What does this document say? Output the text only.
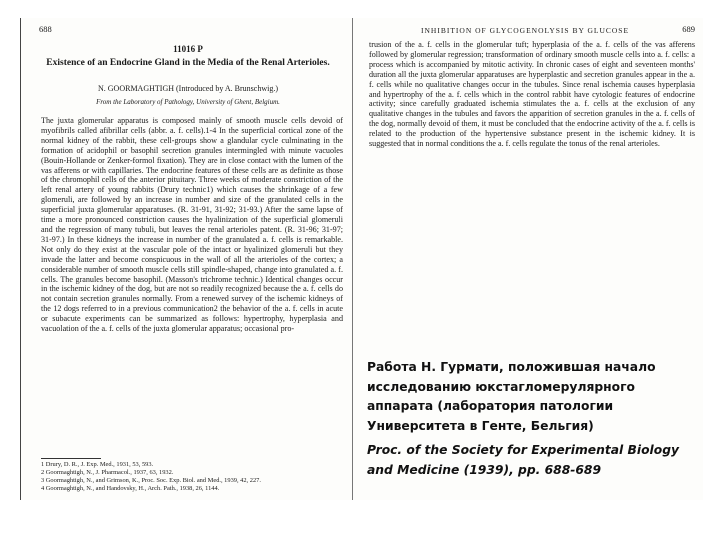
688
11016 P
Existence of an Endocrine Gland in the Media of the Renal Arterioles.
N. GOORMAGHTIGH (Introduced by A. Brunschwig.)
From the Laboratory of Pathology, University of Ghent, Belgium.

The juxta glomerular apparatus is composed mainly of smooth muscle cells devoid of myofibrils called afibrillar cells (abbr. a. f. cells).1-4 In the superficial cortical zone of the normal kidney of the rabbit, these cell-groups show a glandular cycle culminating in the formation of acidophil or basophil secretion granules intermingled with minute vacuoles (Bouin-Hollande or Zenker-formol fixation). They are in close contact with the lumen of the vas afferens or with capillaries. The endocrine features of these cells are as definite as those of the chromophil cells of the anterior pituitary. Three weeks of moderate constriction of the left renal artery of young rabbits (Drury technic1) which causes the shrinkage of a few glomeruli, are followed by an increase in number and size of the granulated cells in the superficial juxta glomerular apparatuses. (R. 31-91, 31-92; 31-93.) After the same lapse of time a more pronounced constriction causes the hyalinization of the superficial glomeruli and the regression of many tubuli, but leaves the renal arterioles patent. (R. 31-96; 31-97; 31-97.) In these kidneys the increase in number of the granulated a. f. cells is remarkable. Not only do they exist at the vascular pole of the intact or hyalinized glomeruli but they invade the latter and become conspicuous in the wall of all the arterioles of the cortex; a considerable number of smooth muscle cells still spindle-shaped, change into granulated a. f. cells. The granules become basophil. (Masson's trichrome technic.) Identical changes occur in the ischemic kidney of the dog, but are not so readily recognized because the a. f. cells do not contain secretion granules normally. From a renewed survey of the ischemic kidneys of the 12 dogs referred to in a previous communication2 the behavior of the a. f. cells in acute or subacute experiments can be summarized as follows: hypertrophy, hyperplasia and vacuolation of the a. f. cells of the juxta glomerular apparatus; occasional pro-

1 Drury, D. R., J. Exp. Med., 1931, 53, 593.
2 Goormaghtigh, N., J. Pharmacol., 1937, 63, 1932.
3 Goormaghtigh, N., and Grimson, K., Proc. Soc. Exp. Biol. and Med., 1939, 42, 227.
4 Goormaghtigh, N., and Handovsky, H., Arch. Path., 1938, 26, 1144.
INHIBITION OF GLYCOGENOLYSIS BY GLUCOSE	689

trusion of the a. f. cells in the glomerular tuft; hyperplasia of the a. f. cells of the vas afferens followed by glomerular regression; transformation of ordinary smooth muscle cells into a. f. cells: a process which is accompanied by mitotic activity. In chronic cases of eight and seventeen months' duration all the juxta glomerular apparatuses are hyperplastic and secretion granules appear in the a. f. cells while no qualitative changes occur in the tubules. Since renal ischemia causes hyperplasia and hypertrophy of the a. f. cells which in the control rabbit have cytologic features of endocrine activity; since carefully graduated ischemia stimulates the a. f. cells at the exclusion of any qualitative changes in the tubules and favors the apparition of secretion granules in the a. f. cells of the dog, normally devoid of them, it must be concluded that the endocrine activity of the a. f. cells is related to the production of the hypertensive substance present in the ischemic kidney. It is suggested that in normal conditions the a. f. cells regulate the tonus of the renal arterioles.

Работа Н. Гурмати, положившая начало исследованию юкстагломерулярного аппарата (лаборатория патологии Университета в Генте, Бельгия)

Proc. of the Society for Experimental Biology and Medicine (1939), pp. 688-689
